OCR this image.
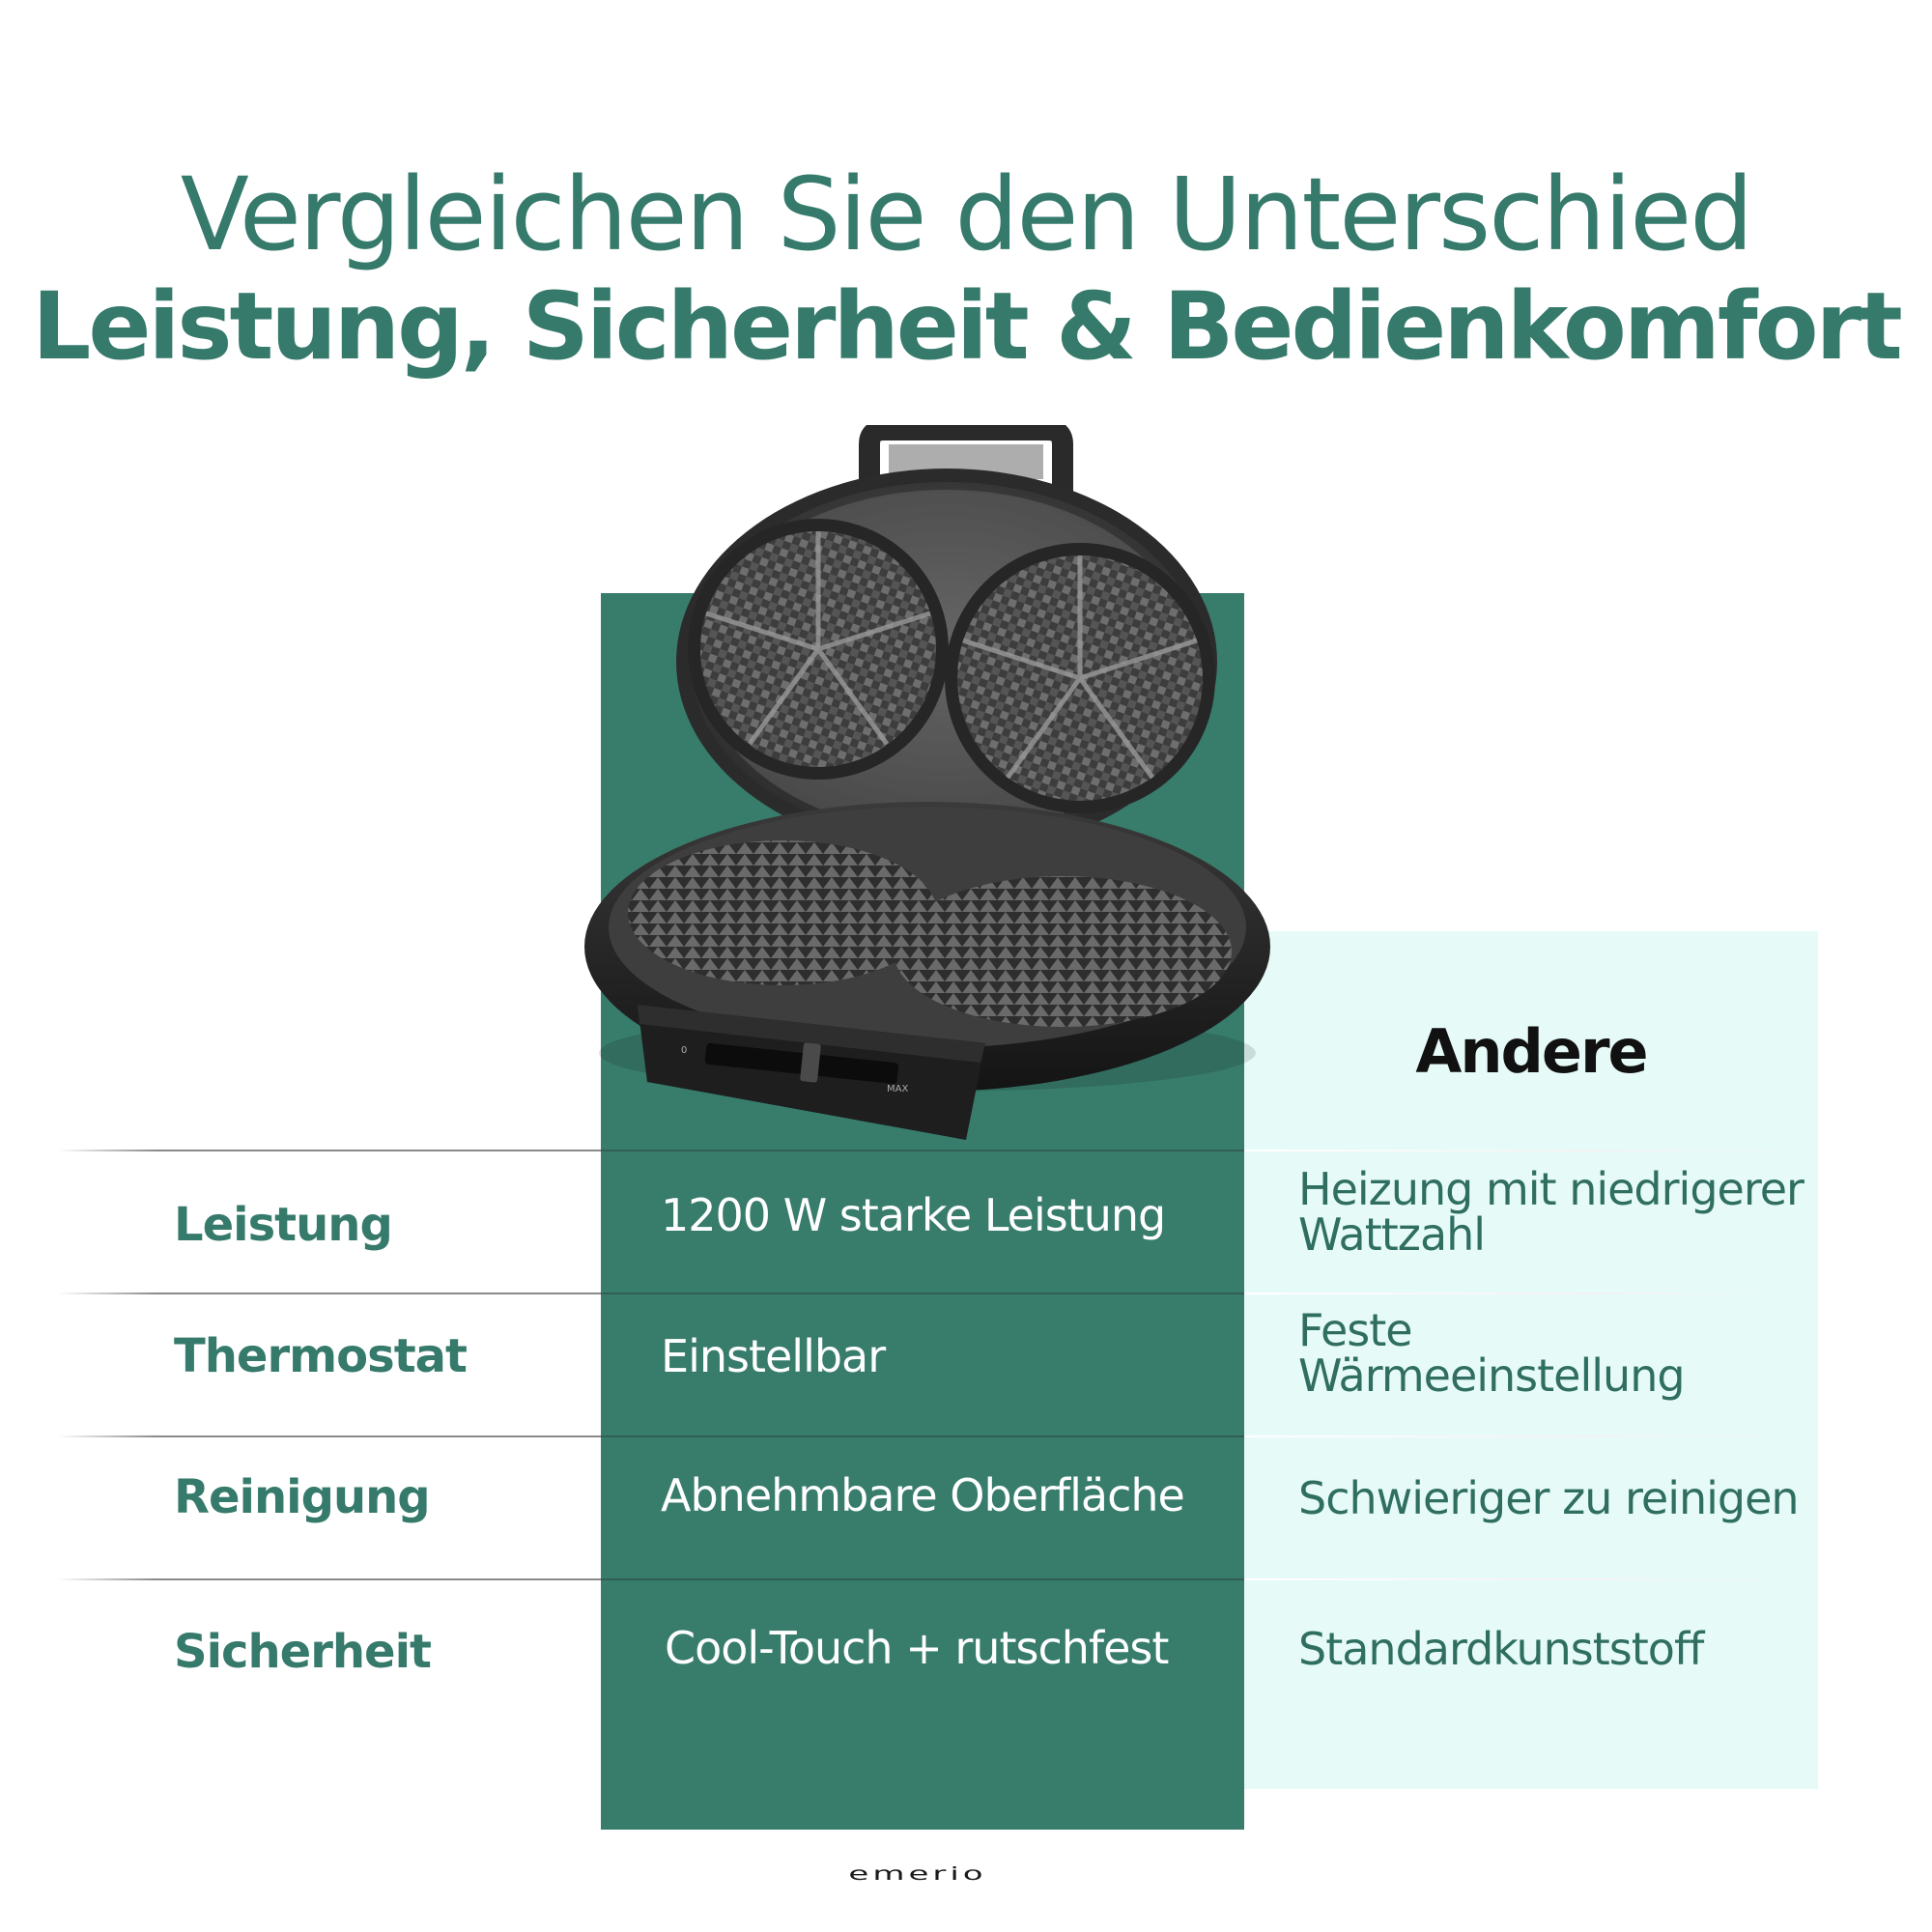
Vergleichen Sie den Unterschied
Leistung, Sicherheit & Bedienkomfort
Andere
0
MAX
Leistung	1200 W starke Leistung	Heizung mit niedrigerer Wattzahl
Thermostat	Einstellbar	Feste Wärmeeinstellung
Reinigung	Abnehmbare Oberfläche	Schwieriger zu reinigen
Sicherheit	Cool-Touch + rutschfest	Standardkunststoff
emerio
